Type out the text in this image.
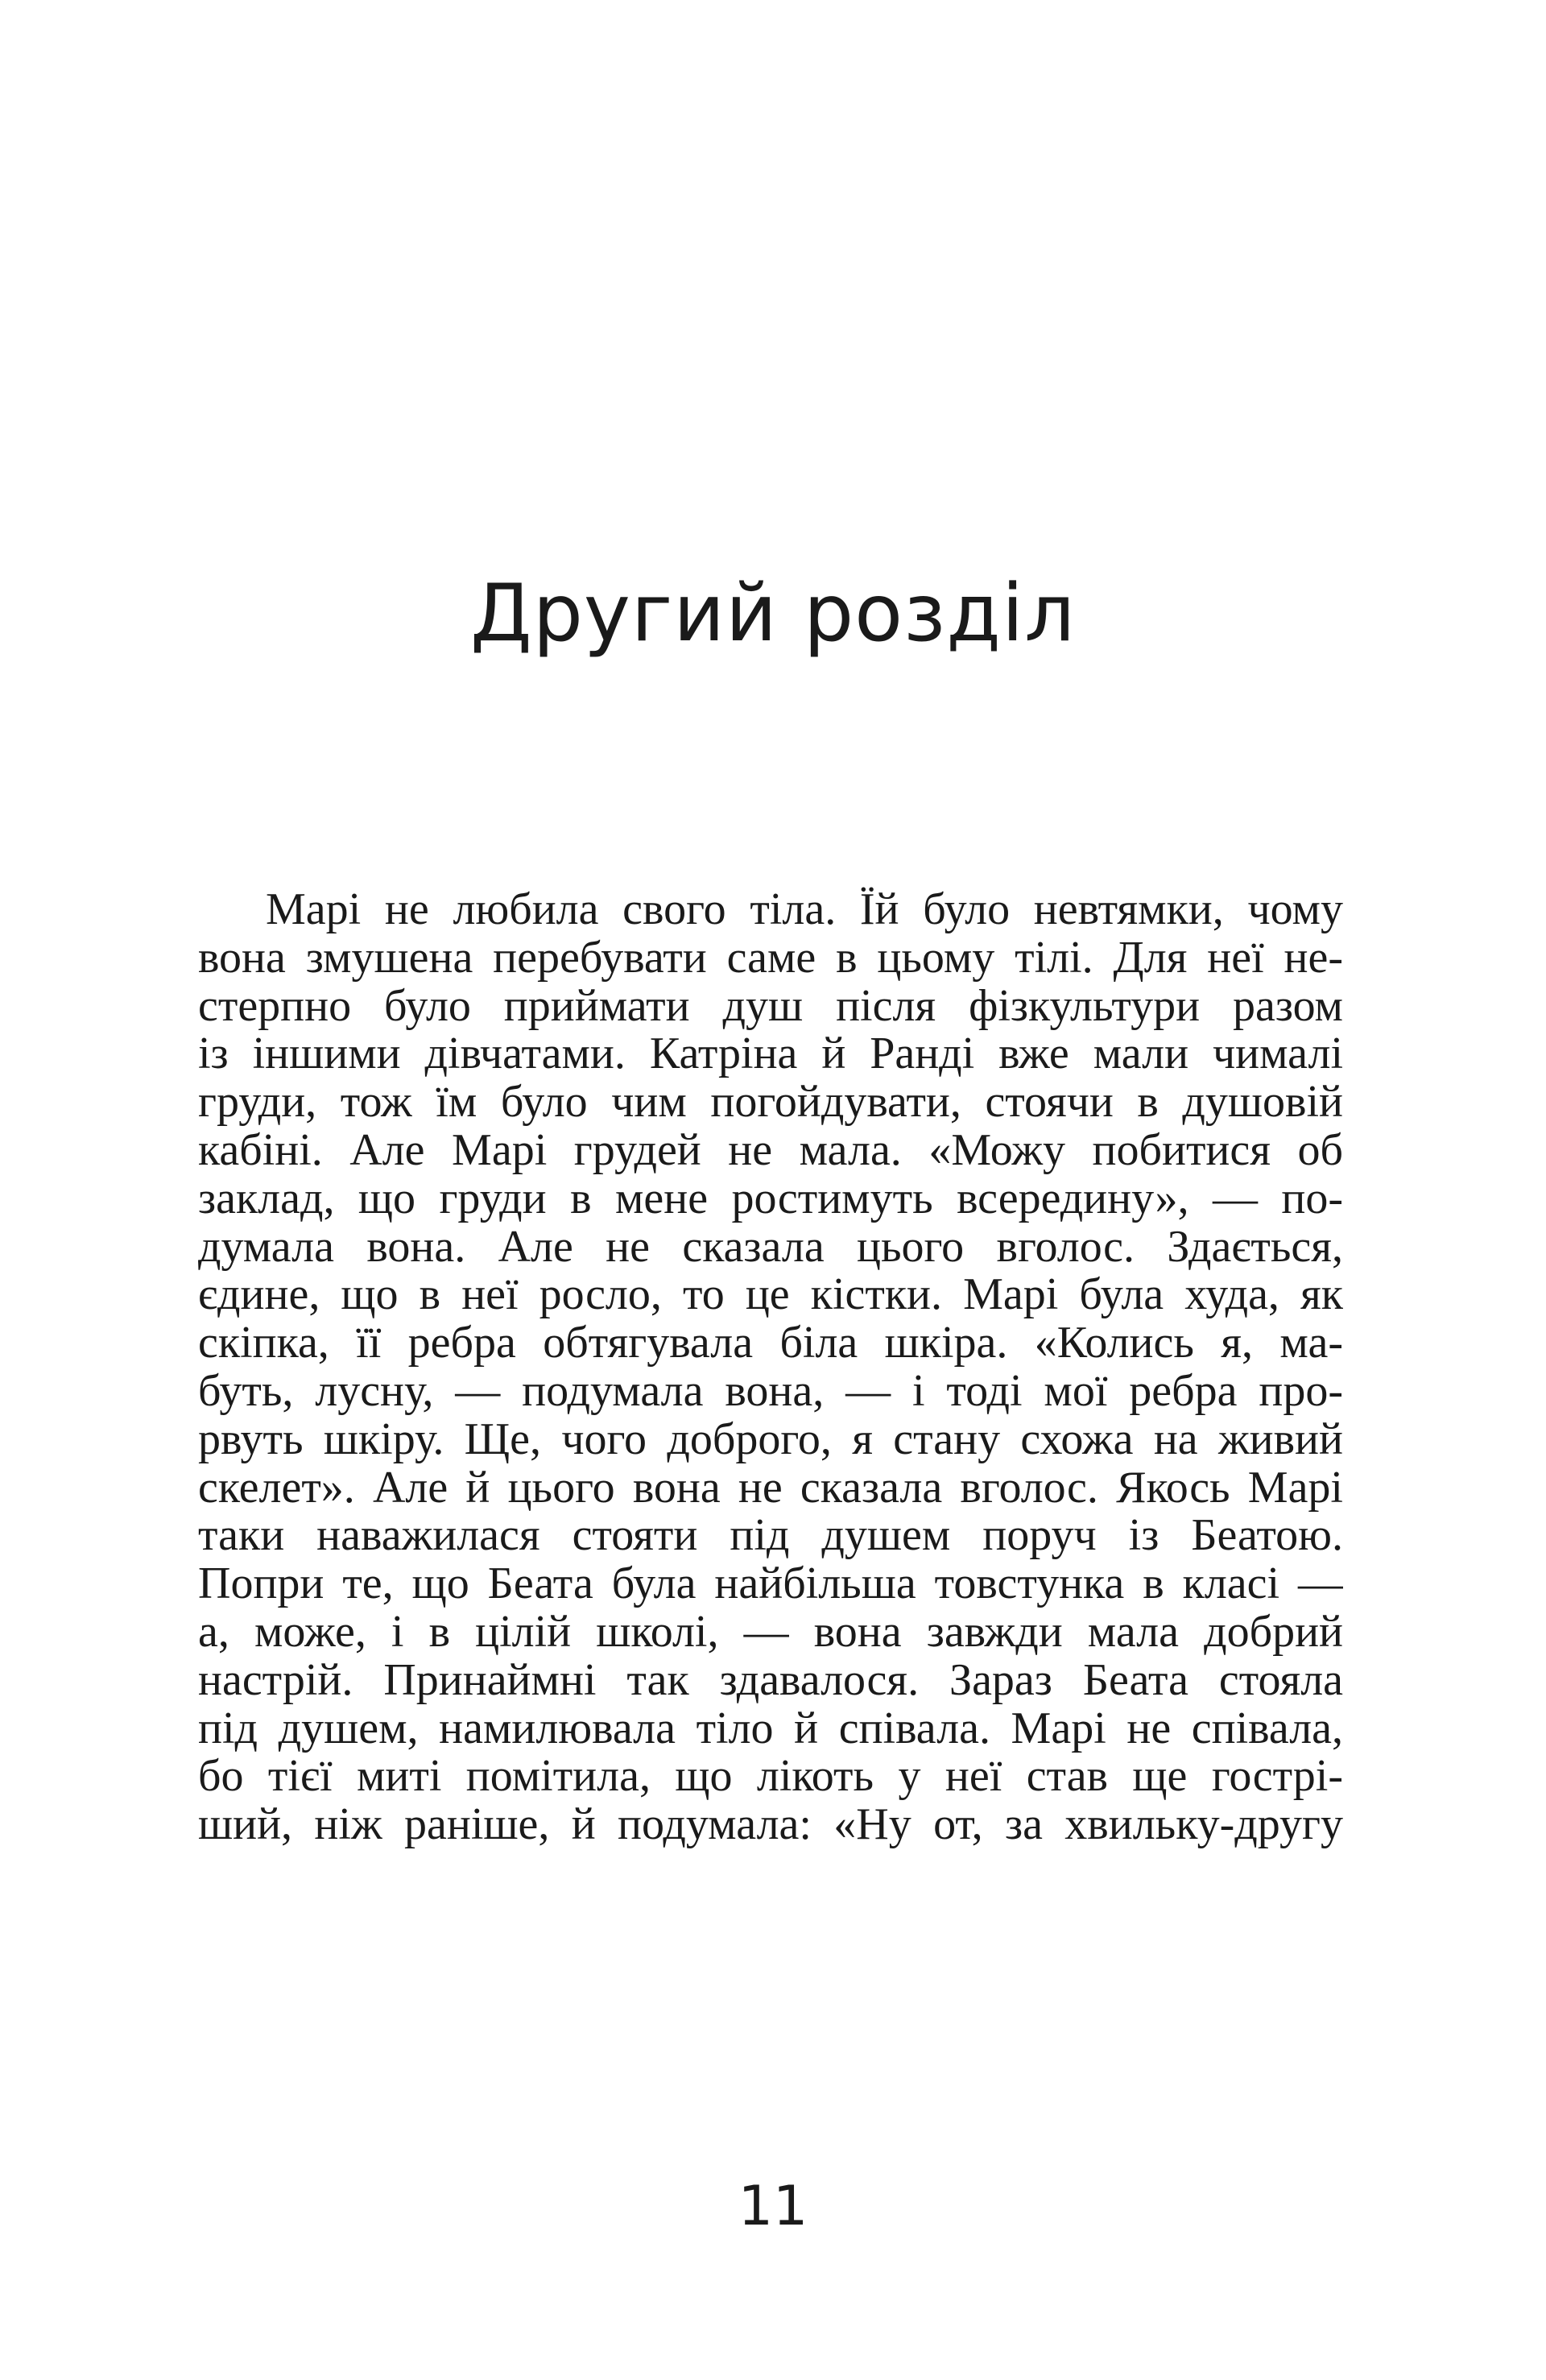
Другий розділ
Марі не любила свого тіла. Їй було невтямки, чому
вона змушена перебувати саме в цьому тілі. Для неї не-
стерпно було приймати душ після фізкультури разом
із іншими дівчатами. Катріна й Ранді вже мали чималі
груди, тож їм було чим погойдувати, стоячи в душовій
кабіні. Але Марі грудей не мала. «Можу побитися об
заклад, що груди в мене ростимуть всередину», — по-
думала вона. Але не сказала цього вголос. Здається,
єдине, що в неї росло, то це кістки. Марі була худа, як
скіпка, її ребра обтягувала біла шкіра. «Колись я, ма-
буть, лусну, — подумала вона, — і тоді мої ребра про-
рвуть шкіру. Ще, чого доброго, я стану схожа на живий
скелет». Але й цього вона не сказала вголос. Якось Марі
таки наважилася стояти під душем поруч із Беатою.
Попри те, що Беата була найбільша товстунка в класі —
а, може, і в цілій школі, — вона завжди мала добрий
настрій. Принаймні так здавалося. Зараз Беата стояла
під душем, намилювала тіло й співала. Марі не співала,
бо тієї миті помітила, що лікоть у неї став ще гострі-
ший, ніж раніше, й подумала: «Ну от, за хвильку-другу
11
